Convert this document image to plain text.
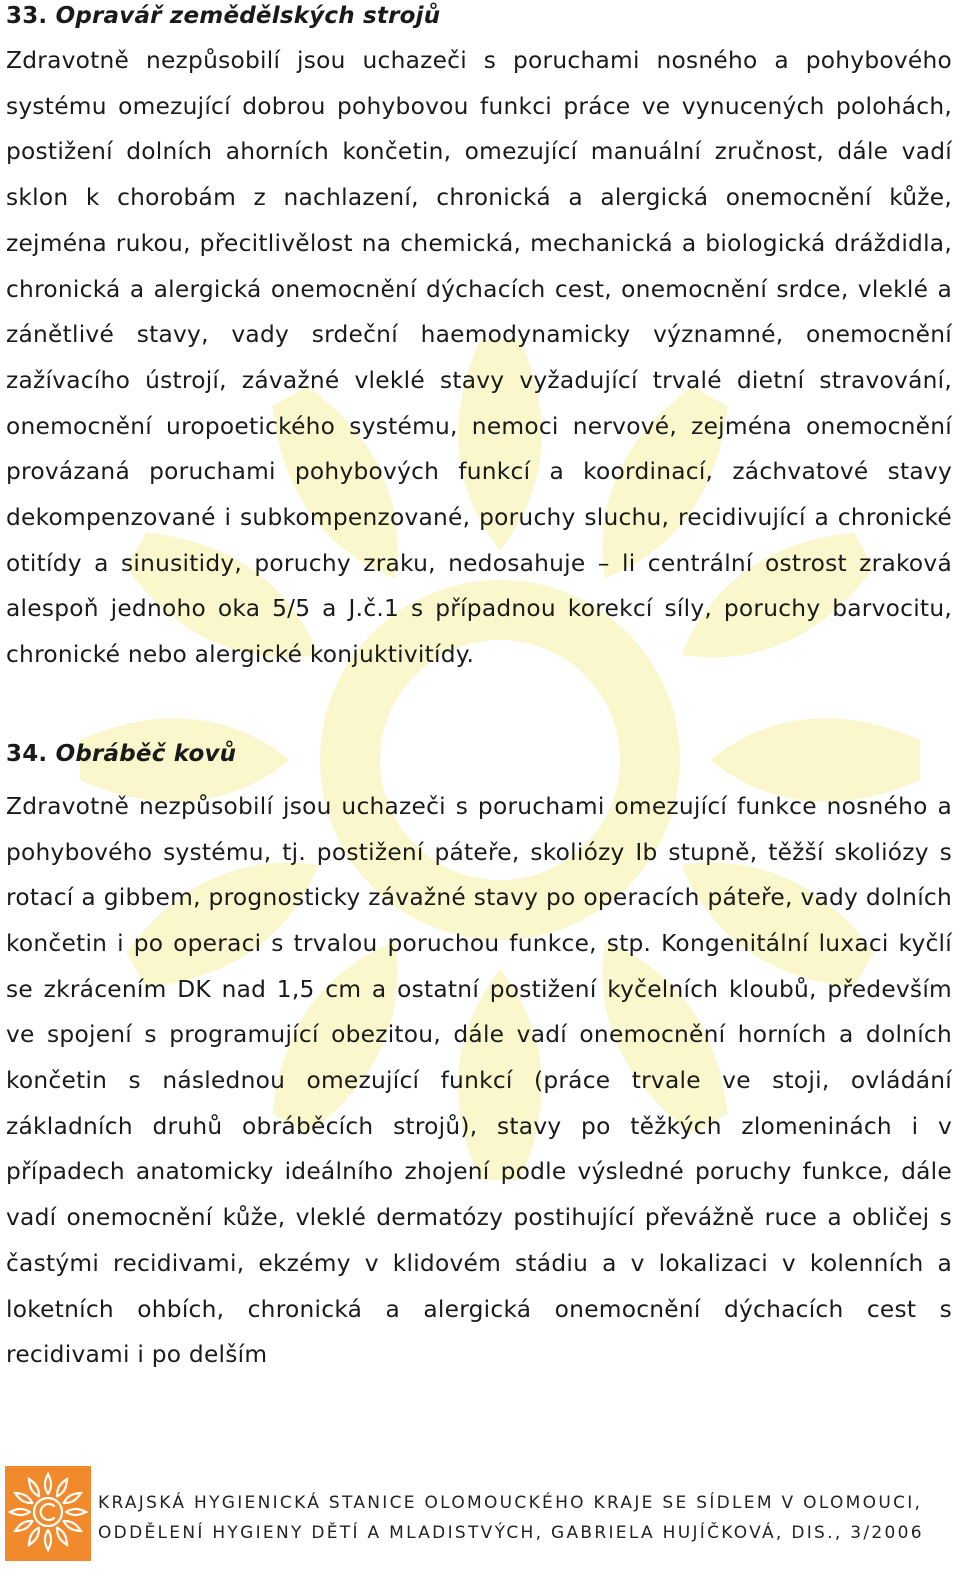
33. Opravář zemědělských strojů

Zdravotně nezpůsobilí jsou uchazeči s poruchami nosného a pohybového systému omezující dobrou pohybovou funkci práce ve vynucených polohách, postižení dolních ahorních končetin, omezující manuální zručnost, dále vadí sklon k chorobám z nachlazení, chronická a alergická onemocnění kůže, zejména rukou, přecitlivělost na chemická, mechanická a biologická dráždidla, chronická a alergická onemocnění dýchacích cest, onemocnění srdce, vleklé a zánětlivé stavy, vady srdeční haemodynamicky významné, onemocnění zažívacího ústrojí, závažné vleklé stavy vyžadující trvalé dietní stravování, onemocnění uropoetického systému, nemoci nervové, zejména onemocnění provázaná poruchami pohybových funkcí a koordinací, záchvatové stavy dekompenzované i subkompenzované, poruchy sluchu, recidivující a chronické otitídy a sinusitidy, poruchy zraku, nedosahuje – li centrální ostrost zraková alespoň jednoho oka 5/5 a J.č.1 s případnou korekcí síly, poruchy barvocitu, chronické nebo alergické konjuktivitídy.

34. Obráběč kovů

Zdravotně nezpůsobilí jsou uchazeči s poruchami omezující funkce nosného a pohybového systému, tj. postižení páteře, skoliózy Ib stupně, těžší skoliózy s rotací a gibbem, prognosticky závažné stavy po operacích páteře, vady dolních končetin i po operaci s trvalou poruchou funkce, stp. Kongenitální luxaci kyčlí se zkrácením DK nad 1,5 cm a ostatní postižení kyčelních kloubů, především ve spojení s programující obezitou, dále vadí onemocnění horních a dolních končetin s následnou omezující funkcí (práce trvale ve stoji, ovládání základních druhů obráběcích strojů), stavy po těžkých zlomeninách i v případech anatomicky ideálního zhojení podle výsledné poruchy funkce, dále vadí onemocnění kůže, vleklé dermatózy postihující převážně ruce a obličej s častými recidivami, ekzémy v klidovém stádiu a v lokalizaci v kolenních a loketních ohbích, chronická a alergická onemocnění dýchacích cest s recidivami i po delším

KRAJSKÁ HYGIENICKÁ STANICE OLOMOUCKÉHO KRAJE SE SÍDLEM V OLOMOUCI,
ODDĚLENÍ HYGIENY DĚTÍ A MLADISTVÝCH, GABRIELA HUJÍČKOVÁ, DIS., 3/2006
